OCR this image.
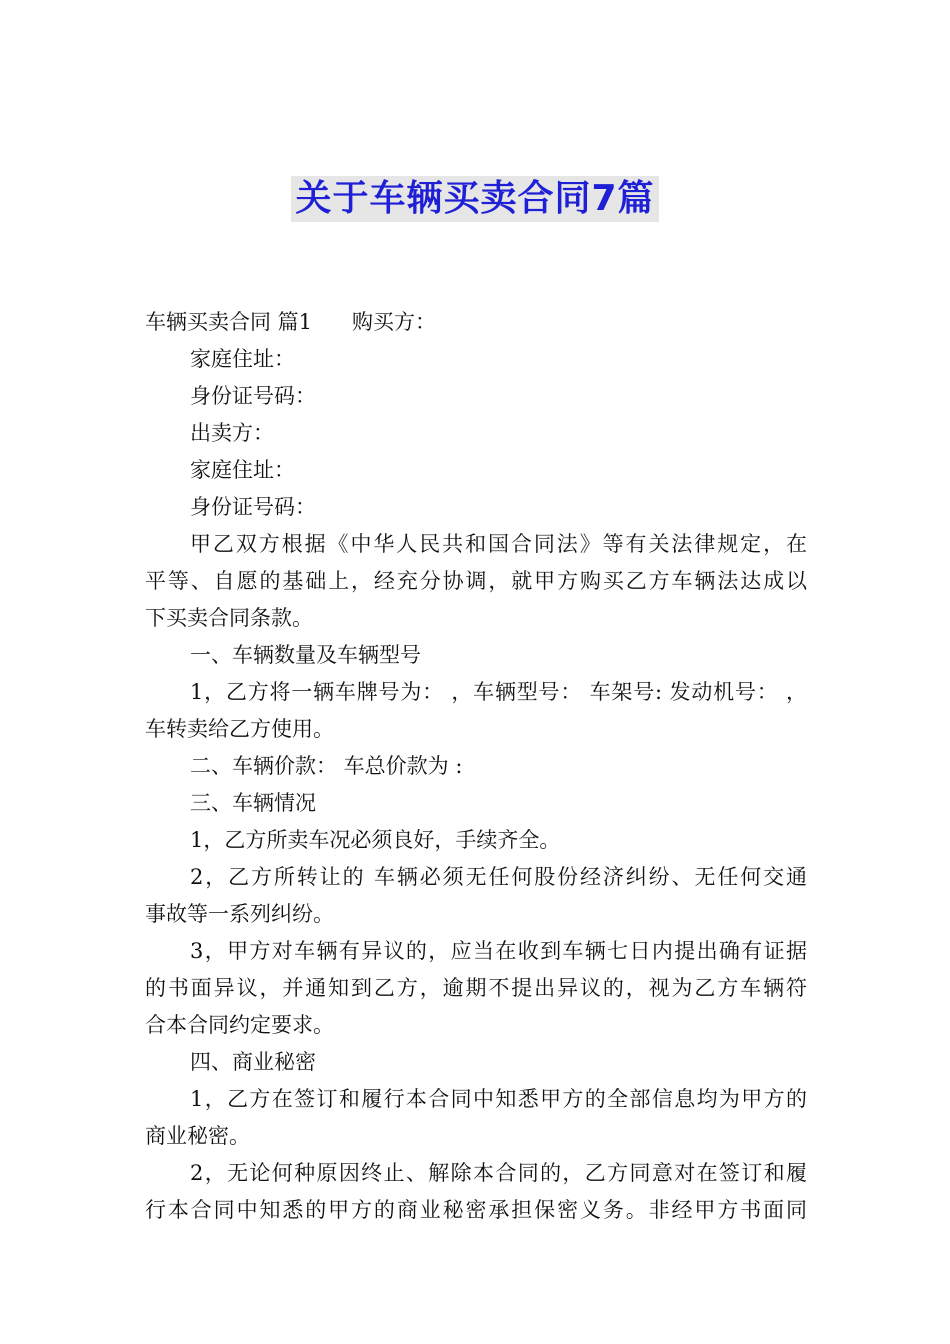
关于车辆买卖合同7篇
车辆买卖合同 篇1 购买方：
家庭住址：
身份证号码：
出卖方：
家庭住址：
身份证号码：
甲乙双方根据《中华人民共和国合同法》等有关法律规定，在
平等、自愿的基础上，经充分协调，就甲方购买乙方车辆法达成以
下买卖合同条款。
一、车辆数量及车辆型号
1，乙方将一辆车牌号为： ，车辆型号： 车架号: 发动机号： ，
车转卖给乙方使用。
二、车辆价款： 车总价款为 :
三、车辆情况
1，乙方所卖车况必须良好，手续齐全。
2，乙方所转让的 车辆必须无任何股份经济纠纷、无任何交通
事故等一系列纠纷。
3，甲方对车辆有异议的，应当在收到车辆七日内提出确有证据
的书面异议，并通知到乙方，逾期不提出异议的，视为乙方车辆符
合本合同约定要求。
四、商业秘密
1，乙方在签订和履行本合同中知悉甲方的全部信息均为甲方的
商业秘密。
2，无论何种原因终止、解除本合同的，乙方同意对在签订和履
行本合同中知悉的甲方的商业秘密承担保密义务。非经甲方书面同
